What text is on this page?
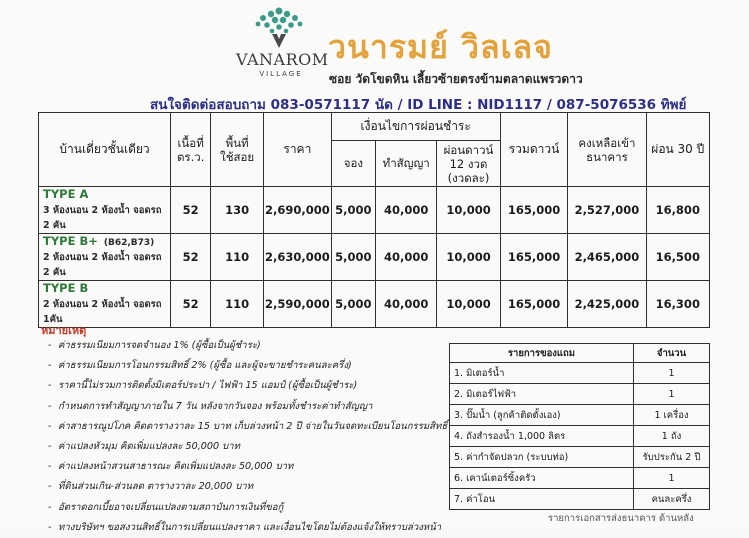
VANAROM
VILLAGE
วนารมย์ วิลเลจ
ซอย วัดโขดหิน เลี้ยวซ้ายตรงข้ามตลาดแพรวดาว
สนใจติดต่อสอบถาม 083-0571117 นัด / ID LINE : NID1117 / 087-5076536 ทิพย์
บ้านเดี่ยวชั้นเดียว	เนื้อที่ ตร.ว.	พื้นที่ใช้สอย	ราคา	เงื่อนไขการผ่อนชำระ			รวมดาวน์	คงเหลือเข้าธนาคาร	ผ่อน 30 ปี
				จอง	ทำสัญญา	ผ่อนดาวน์ 12 งวด (งวดละ)			

TYPE A
3 ห้องนอน 2 ห้องน้ำ จอดรถ 2 คัน	52	130	2,690,000	5,000	40,000	10,000	165,000	2,527,000	16,800
TYPE B+ (B62,B73)
2 ห้องนอน 2 ห้องน้ำ จอดรถ 2 คัน	52	110	2,630,000	5,000	40,000	10,000	165,000	2,465,000	16,500
TYPE B
2 ห้องนอน 2 ห้องน้ำ จอดรถ 1คัน	52	110	2,590,000	5,000	40,000	10,000	165,000	2,425,000	16,300
หมายเหตุ
- ค่าธรรมเนียมการจดจำนอง 1% (ผู้ซื้อเป็นผู้ชำระ)
- ค่าธรรมเนียมการโอนกรรมสิทธิ์ 2% (ผู้ซื้อ และผู้จะขายชำระคนละครึ่ง)
- ราคานี้ไม่รวมการติดตั้งมิเตอร์ประปา / ไฟฟ้า 15 แอมป์ (ผู้ซื้อเป็นผู้ชำระ)
- กำหนดการทำสัญญาภายใน 7 วัน หลังจากวันจอง พร้อมทั้งชำระค่าทำสัญญา
- ค่าสาธารณูปโภค คิดตารางวาละ 15 บาท เก็บล่วงหน้า 2 ปี จ่ายในวันจดทะเบียนโอนกรรมสิทธิ์
- ค่าแปลงหัวมุม คิดเพิ่มแปลงละ 50,000 บาท
- ค่าแปลงหน้าสวนสาธารณะ คิดเพิ่มแปลงละ 50,000 บาท
- ที่ดินส่วนเกิน-ส่วนลด ตารางวาละ 20,000 บาท
- อัตราดอกเบี้ยอาจเปลี่ยนแปลงตามสถาบันการเงินที่ขอกู้
- ทางบริษัทฯ ขอสงวนสิทธิ์ในการเปลี่ยนแปลงราคา และเงื่อนไขโดยไม่ต้องแจ้งให้ทราบล่วงหน้า
รายการของแถม	จำนวน
1. มิเตอร์น้ำ	1
2. มิเตอร์ไฟฟ้า	1
3. ปั๊มน้ำ (ลูกค้าติดตั้งเอง)	1 เครื่อง
4. ถังสำรองน้ำ 1,000 ลิตร	1 ถัง
5. ค่ากำจัดปลวก (ระบบท่อ)	รับประกัน 2 ปี
6. เคาน์เตอร์ซิ้งครัว	1
7. ค่าโอน	คนละครึ่ง
รายการเอกสารส่งธนาคาร ด้านหลัง
